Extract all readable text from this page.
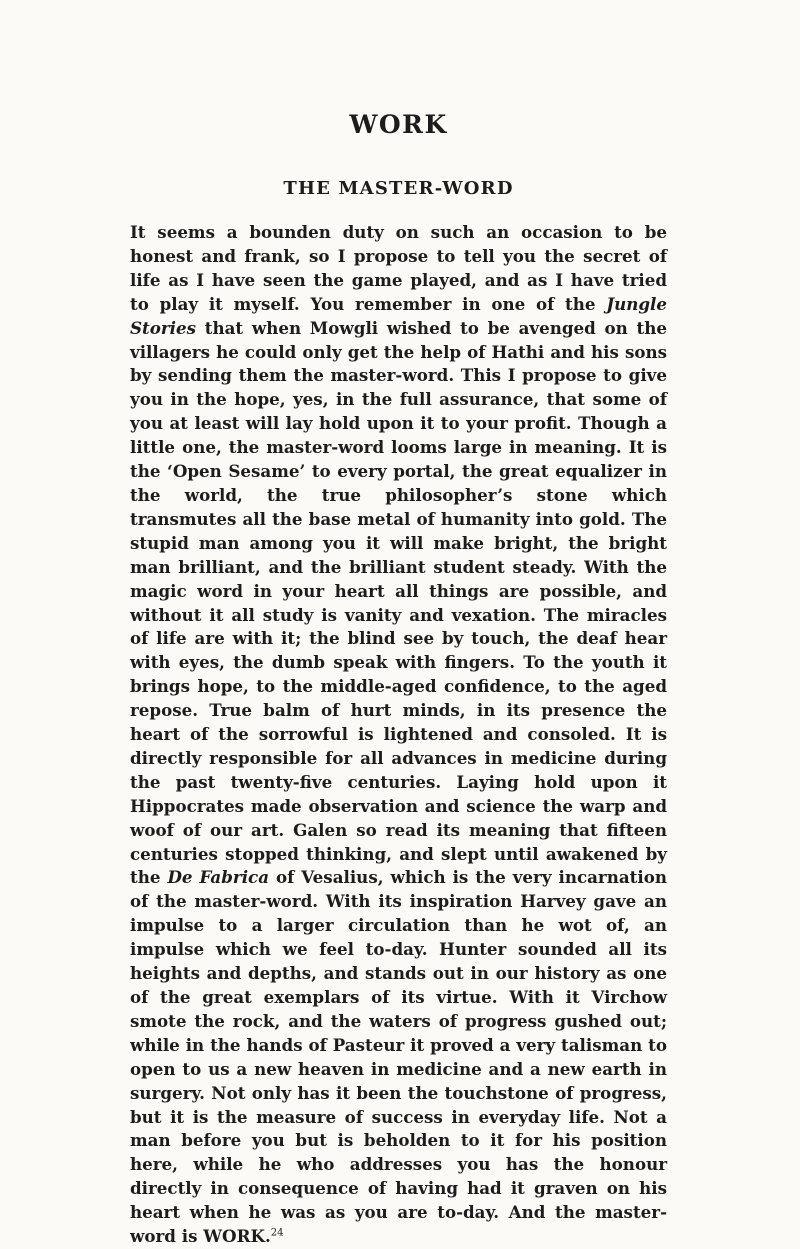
WORK
THE MASTER-WORD

It seems a bounden duty on such an occasion to be honest and frank, so I propose to tell you the secret of life as I have seen the game played, and as I have tried to play it myself. You remember in one of the Jungle Stories that when Mowgli wished to be avenged on the villagers he could only get the help of Hathi and his sons by sending them the master-word. This I propose to give you in the hope, yes, in the full assurance, that some of you at least will lay hold upon it to your profit. Though a little one, the master-word looms large in meaning. It is the ‘Open Sesame’ to every portal, the great equalizer in the world, the true philosopher’s stone which transmutes all the base metal of humanity into gold. The stupid man among you it will make bright, the bright man brilliant, and the brilliant student steady. With the magic word in your heart all things are possible, and without it all study is vanity and vexation. The miracles of life are with it; the blind see by touch, the deaf hear with eyes, the dumb speak with fingers. To the youth it brings hope, to the middle-aged confidence, to the aged repose. True balm of hurt minds, in its presence the heart of the sorrowful is lightened and consoled. It is directly responsible for all advances in medicine during the past twenty-five centuries. Laying hold upon it Hippocrates made observation and science the warp and woof of our art. Galen so read its meaning that fifteen centuries stopped thinking, and slept until awakened by the De Fabrica of Vesalius, which is the very incarnation of the master-word. With its inspiration Harvey gave an impulse to a larger circulation than he wot of, an impulse which we feel to-day. Hunter sounded all its heights and depths, and stands out in our history as one of the great exemplars of its virtue. With it Virchow smote the rock, and the waters of progress gushed out; while in the hands of Pasteur it proved a very talisman to open to us a new heaven in medicine and a new earth in surgery. Not only has it been the touchstone of progress, but it is the measure of success in everyday life. Not a man before you but is beholden to it for his position here, while he who addresses you has the honour directly in consequence of having had it graven on his heart when he was as you are to-day. And the master-word is WORK.$^{24}$
